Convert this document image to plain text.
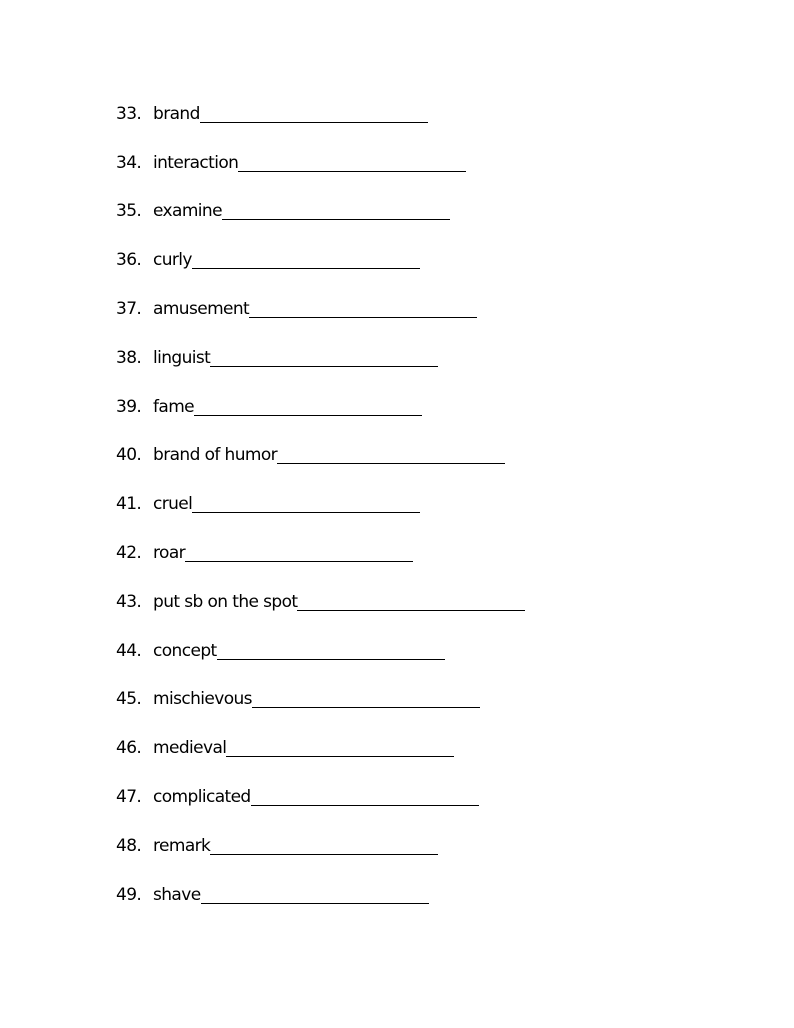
33. brand
34. interaction
35. examine
36. curly
37. amusement
38. linguist
39. fame
40. brand of humor
41. cruel
42. roar
43. put sb on the spot
44. concept
45. mischievous
46. medieval
47. complicated
48. remark
49. shave
